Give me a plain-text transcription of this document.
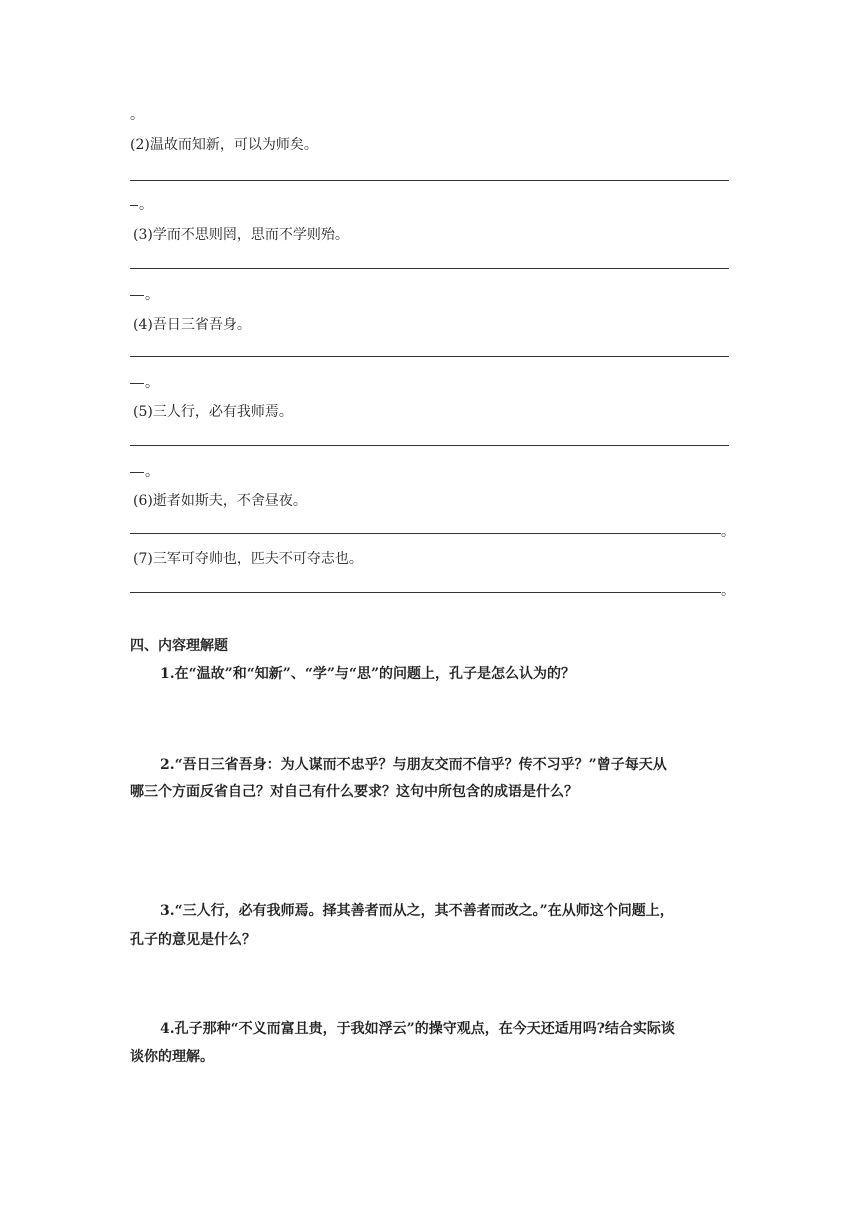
。
(2)温故而知新，可以为师矣。
。
(3)学而不思则罔，思而不学则殆。
。
(4)吾日三省吾身。
。
(5)三人行，必有我师焉。
。
(6)逝者如斯夫，不舍昼夜。
。
(7)三军可夺帅也，匹夫不可夺志也。
。
四、内容理解题
1.在“温故”和“知新”、“学”与“思”的问题上，孔子是怎么认为的？
2.“吾日三省吾身：为人谋而不忠乎？与朋友交而不信乎？传不习乎？”曾子每天从
哪三个方面反省自己？对自己有什么要求？这句中所包含的成语是什么？
3.“三人行，必有我师焉。择其善者而从之，其不善者而改之。”在从师这个问题上，
孔子的意见是什么？
4.孔子那种“不义而富且贵，于我如浮云”的操守观点，在今天还适用吗?结合实际谈
谈你的理解。
